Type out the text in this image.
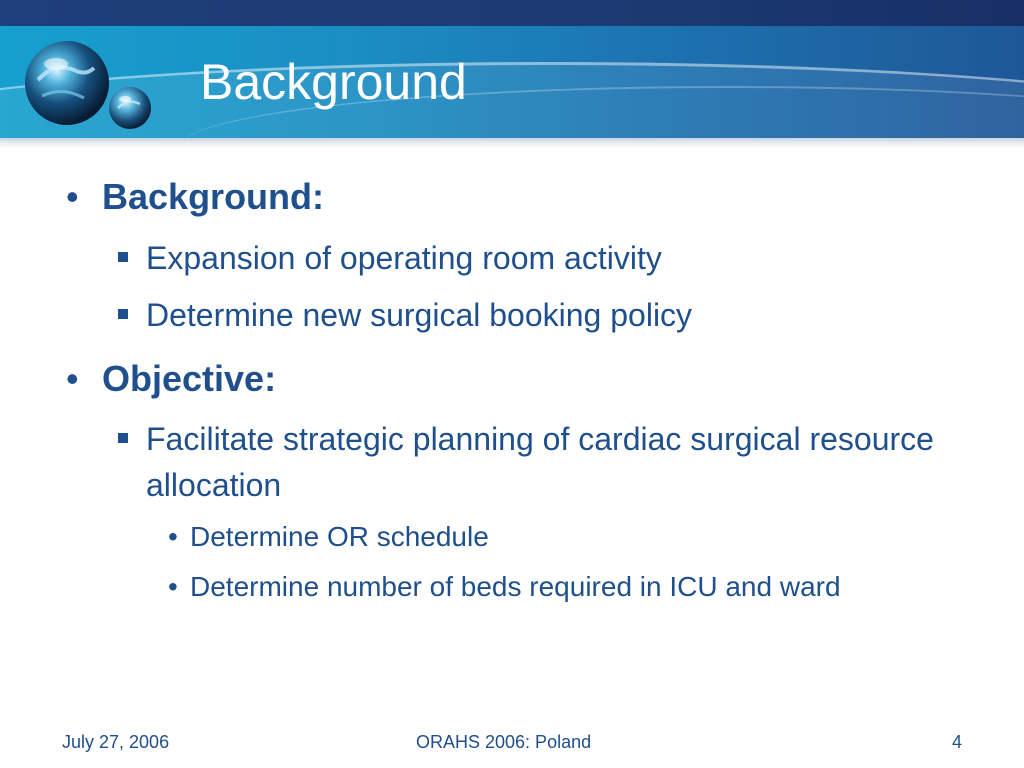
Background
• Background:
Expansion of operating room activity
Determine new surgical booking policy
• Objective:
Facilitate strategic planning of cardiac surgical resource allocation
• Determine OR schedule
• Determine number of beds required in ICU and ward
July 27, 2006	ORAHS 2006: Poland	4
